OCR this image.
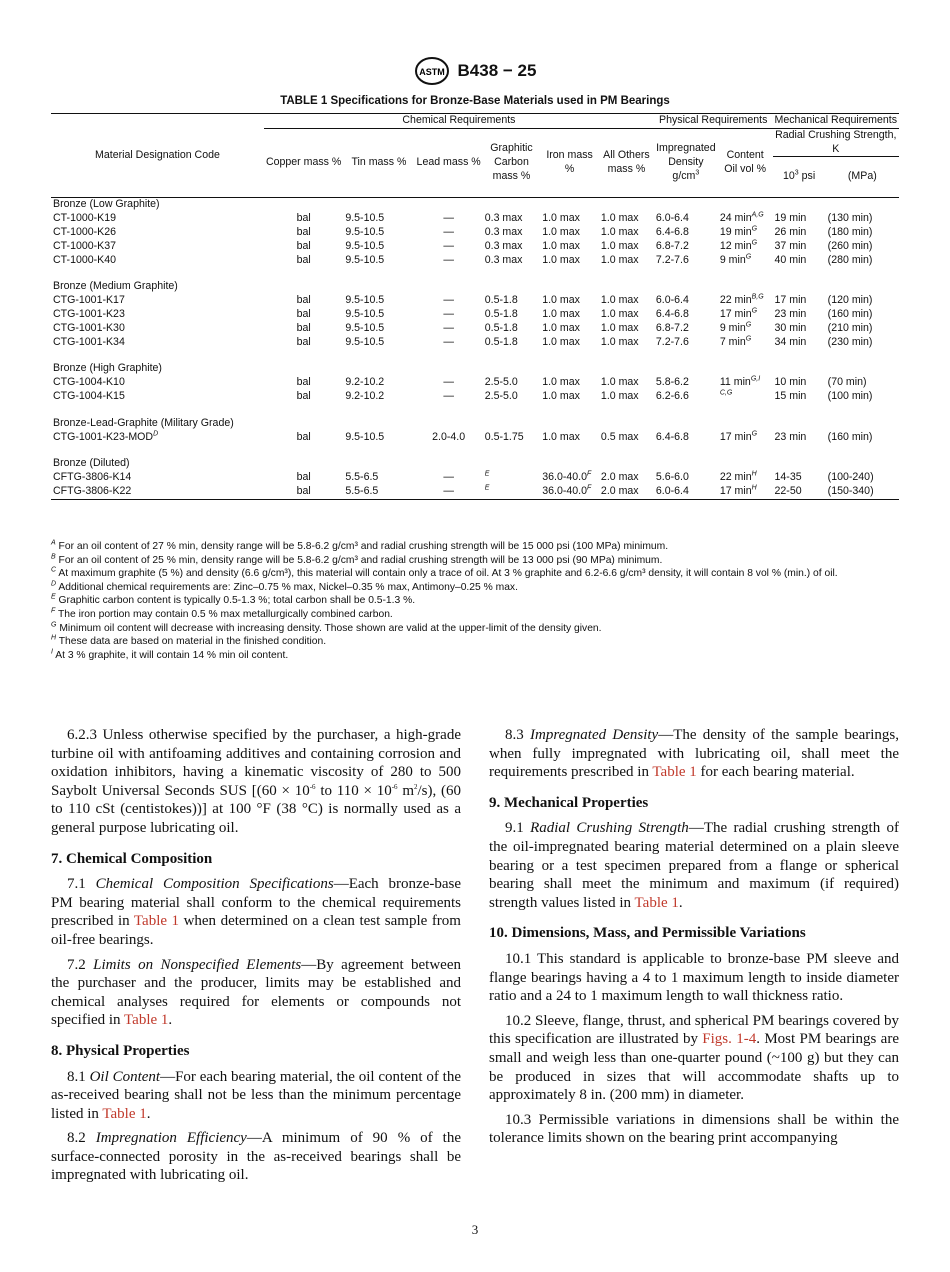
ASTM B438 − 25
TABLE 1 Specifications for Bronze-Base Materials used in PM Bearings
Material Designation Code	Chemical Requirements						Physical Requirements		Mechanical Requirements	
	Copper mass %	Tin mass %	Lead mass %	Graphitic Carbon mass %	Iron mass %	All Others mass %	Impregnated Density $g/cm^3$	Content Oil vol %	Radial Crushing Strength, K	
									$10^3$ psi	(MPa)
Bronze (Low Graphite)										
CT-1000-K19	bal	9.5-10.5	—	0.3 max	1.0 max	1.0 max	6.0-6.4	24 $\min^{A,G}$	19 min	(130 min)
CT-1000-K26	bal	9.5-10.5	—	0.3 max	1.0 max	1.0 max	6.4-6.8	19 $\min^G$	26 min	(180 min)
CT-1000-K37	bal	9.5-10.5	—	0.3 max	1.0 max	1.0 max	6.8-7.2	12 $\min^G$	37 min	(260 min)
CT-1000-K40	bal	9.5-10.5	—	0.3 max	1.0 max	1.0 max	7.2-7.6	9 $\min^G$	40 min	(280 min)

Bronze (Medium Graphite)										
CTG-1001-K17	bal	9.5-10.5	—	0.5-1.8	1.0 max	1.0 max	6.0-6.4	22 $\min^{B,G}$	17 min	(120 min)
CTG-1001-K23	bal	9.5-10.5	—	0.5-1.8	1.0 max	1.0 max	6.4-6.8	17 $\min^G$	23 min	(160 min)
CTG-1001-K30	bal	9.5-10.5	—	0.5-1.8	1.0 max	1.0 max	6.8-7.2	9 $\min^G$	30 min	(210 min)
CTG-1001-K34	bal	9.5-10.5	—	0.5-1.8	1.0 max	1.0 max	7.2-7.6	7 $\min^G$	34 min	(230 min)

Bronze (High Graphite)										
CTG-1004-K10	bal	9.2-10.2	—	2.5-5.0	1.0 max	1.0 max	5.8-6.2	11 $\min^{G,I}$	10 min	(70 min)
CTG-1004-K15	bal	9.2-10.2	—	2.5-5.0	1.0 max	1.0 max	6.2-6.6	$^{C,G}$	15 min	(100 min)

Bronze-Lead-Graphite (Military Grade)										
CTG-$1001-K23-MOD^D$	bal	9.5-10.5	2.0-4.0	0.5-1.75	1.0 max	0.5 max	6.4-6.8	17 $\min^G$	23 min	(160 min)

Bronze (Diluted)										
CFTG-3806-K14	bal	5.5-6.5	—	$^E$	$36.0-40.0^F$	2.0 max	5.6-6.0	22 $\min^H$	14-35	(100-240)
CFTG-3806-K22	bal	5.5-6.5	—	$^E$	$36.0-40.0^F$	2.0 max	6.0-6.4	17 $\min^H$	22-50	(150-340)

$^A$ For an oil content of 27 % min, density range will be 5.8-6.2 g/cm³ and radial crushing strength will be 15 000 psi (100 MPa) minimum.

$^B$ For an oil content of 25 % min, density range will be 5.8-6.2 g/cm³ and radial crushing strength will be 13 000 psi (90 MPa) minimum.

$^C$ At maximum graphite (5 %) and density (6.6 g/cm³), this material will contain only a trace of oil. At 3 % graphite and 6.2-6.6 g/cm³ density, it will contain 8 vol % (min.) of oil.

$^D$ Additional chemical requirements are: Zinc–0.75 % max, Nickel–0.35 % max, Antimony–0.25 % max.

$^E$ Graphitic carbon content is typically 0.5-1.3 %; total carbon shall be 0.5-1.3 %.

$^F$ The iron portion may contain 0.5 % max metallurgically combined carbon.

$^G$ Minimum oil content will decrease with increasing density. Those shown are valid at the upper-limit of the density given.

$^H$ These data are based on material in the finished condition.

$^I$ At 3 % graphite, it will contain 14 % min oil content.

6.2.3 Unless otherwise specified by the purchaser, a high-grade turbine oil with antifoaming additives and containing corrosion and oxidation inhibitors, having a kinematic viscosity of 280 to 500 Saybolt Universal Seconds SUS [($60 \times 10^{-6}$ to $110 \times 10^{-6}$ $m^2/s$), (60 to 110 cSt (centistokes))] at 100 °F (38 °C) is normally used as a general purpose lubricating oil.

7. Chemical Composition

7.1 Chemical Composition Specifications—Each bronze-base PM bearing material shall conform to the chemical requirements prescribed in Table 1 when determined on a clean test sample from oil-free bearings.

7.2 Limits on Nonspecified Elements—By agreement between the purchaser and the producer, limits may be established and chemical analyses required for elements or compounds not specified in Table 1.

8. Physical Properties

8.1 Oil Content—For each bearing material, the oil content of the as-received bearing shall not be less than the minimum percentage listed in Table 1.

8.2 Impregnation Efficiency—A minimum of 90 % of the surface-connected porosity in the as-received bearings shall be impregnated with lubricating oil.

8.3 Impregnated Density—The density of the sample bearings, when fully impregnated with lubricating oil, shall meet the requirements prescribed in Table 1 for each bearing material.

9. Mechanical Properties

9.1 Radial Crushing Strength—The radial crushing strength of the oil-impregnated bearing material determined on a plain sleeve bearing or a test specimen prepared from a flange or spherical bearing shall meet the minimum and maximum (if required) strength values listed in Table 1.

10. Dimensions, Mass, and Permissible Variations

10.1 This standard is applicable to bronze-base PM sleeve and flange bearings having a 4 to 1 maximum length to inside diameter ratio and a 24 to 1 maximum length to wall thickness ratio.

10.2 Sleeve, flange, thrust, and spherical PM bearings covered by this specification are illustrated by Figs. 1-4. Most PM bearings are small and weigh less than one-quarter pound (~100 g) but they can be produced in sizes that will accommodate shafts up to approximately 8 in. (200 mm) in diameter.

10.3 Permissible variations in dimensions shall be within the tolerance limits shown on the bearing print accompanying

3
